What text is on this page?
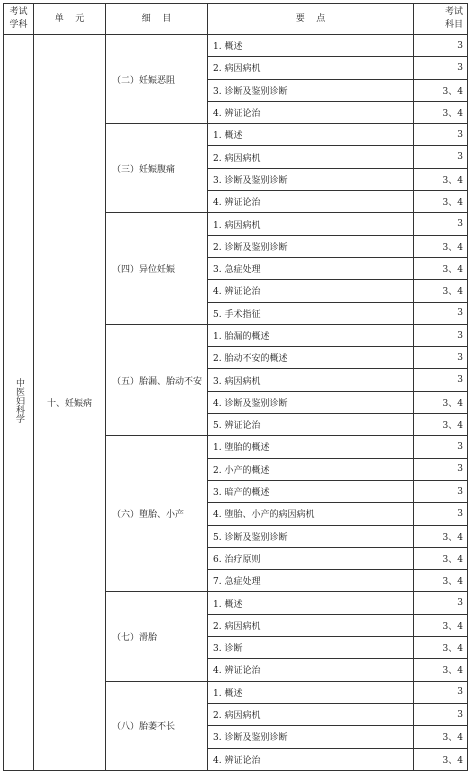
考试学科	单    元	细    目	要    点	考试科目

中医妇科学	十、妊娠病	（二）妊娠恶阻	1. 概述	3
			2. 病因病机	3
			3. 诊断及鉴别诊断	3、4
			4. 辨证论治	3、4
		（三）妊娠腹痛	1. 概述	3
			2. 病因病机	3
			3. 诊断及鉴别诊断	3、4
			4. 辨证论治	3、4
		（四）异位妊娠	1. 病因病机	3
			2. 诊断及鉴别诊断	3、4
			3. 急症处理	3、4
			4. 辨证论治	3、4
			5. 手术指征	3
		（五）胎漏、胎动不安	1. 胎漏的概述	3
			2. 胎动不安的概述	3
			3. 病因病机	3
			4. 诊断及鉴别诊断	3、4
			5. 辨证论治	3、4
		（六）堕胎、小产	1. 堕胎的概述	3
			2. 小产的概述	3
			3. 暗产的概述	3
			4. 堕胎、小产的病因病机	3
			5. 诊断及鉴别诊断	3、4
			6. 治疗原则	3、4
			7. 急症处理	3、4
		（七）滑胎	1. 概述	3
			2. 病因病机	3、4
			3. 诊断	3、4
			4. 辨证论治	3、4
		（八）胎萎不长	1. 概述	3
			2. 病因病机	3
			3. 诊断及鉴别诊断	3、4
			4. 辨证论治	3、4
